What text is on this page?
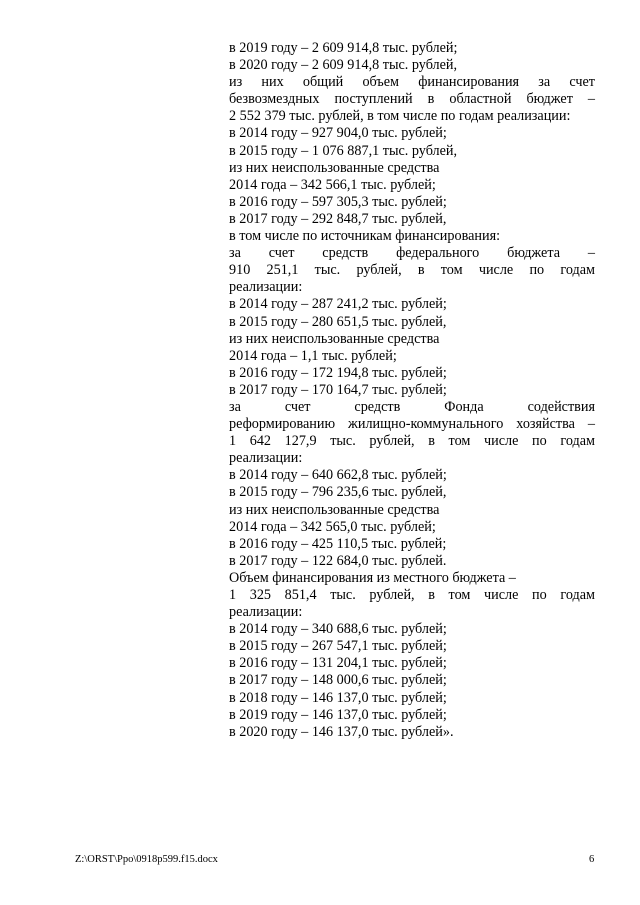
в 2019 году – 2 609 914,8 тыс. рублей;
в 2020 году – 2 609 914,8 тыс. рублей,
из них общий объем финансирования за счет
безвозмездных поступлений в областной бюджет –
2 552 379 тыс. рублей, в том числе по годам реализации:
в 2014 году – 927 904,0 тыс. рублей;
в 2015 году – 1 076 887,1 тыс. рублей,
из них неиспользованные средства
2014 года – 342 566,1 тыс. рублей;
в 2016 году – 597 305,3 тыс. рублей;
в 2017 году – 292 848,7 тыс. рублей,
в том числе по источникам финансирования:
за счет средств федерального бюджета –
910 251,1 тыс. рублей, в том числе по годам
реализации:
в 2014 году – 287 241,2 тыс. рублей;
в 2015 году – 280 651,5 тыс. рублей,
из них неиспользованные средства
2014 года – 1,1 тыс. рублей;
в 2016 году – 172 194,8 тыс. рублей;
в 2017 году – 170 164,7 тыс. рублей;
за счет средств Фонда содействия
реформированию жилищно-коммунального хозяйства –
1 642 127,9 тыс. рублей, в том числе по годам
реализации:
в 2014 году – 640 662,8 тыс. рублей;
в 2015 году – 796 235,6 тыс. рублей,
из них неиспользованные средства
2014 года – 342 565,0 тыс. рублей;
в 2016 году – 425 110,5 тыс. рублей;
в 2017 году – 122 684,0 тыс. рублей.
Объем финансирования из местного бюджета –
1 325 851,4 тыс. рублей, в том числе по годам
реализации:
в 2014 году – 340 688,6 тыс. рублей;
в 2015 году – 267 547,1 тыс. рублей;
в 2016 году – 131 204,1 тыс. рублей;
в 2017 году – 148 000,6 тыс. рублей;
в 2018 году – 146 137,0 тыс. рублей;
в 2019 году – 146 137,0 тыс. рублей;
в 2020 году – 146 137,0 тыс. рублей».
Z:\ORST\Ppo\0918p599.f15.docx	6
